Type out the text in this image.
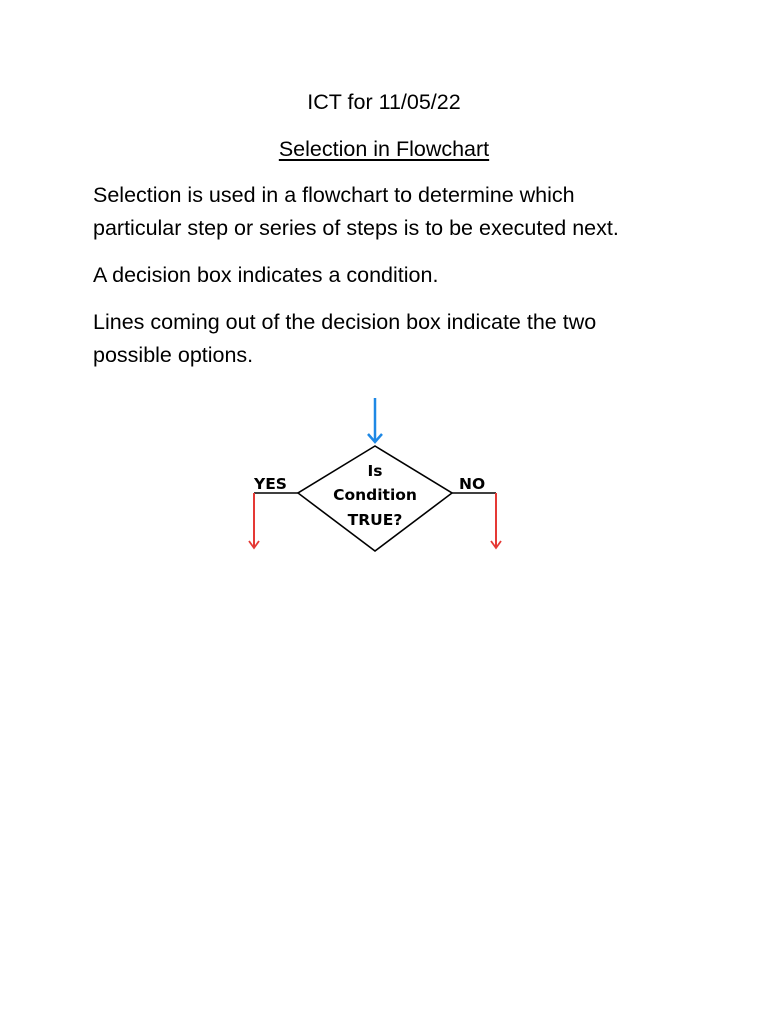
ICT for 11/05/22
Selection in Flowchart
Selection is used in a flowchart to determine which
particular step or series of steps is to be executed next.
A decision box indicates a condition.
Lines coming out of the decision box indicate the two
possible options.
YES	NO
Is
Condition
TRUE?
